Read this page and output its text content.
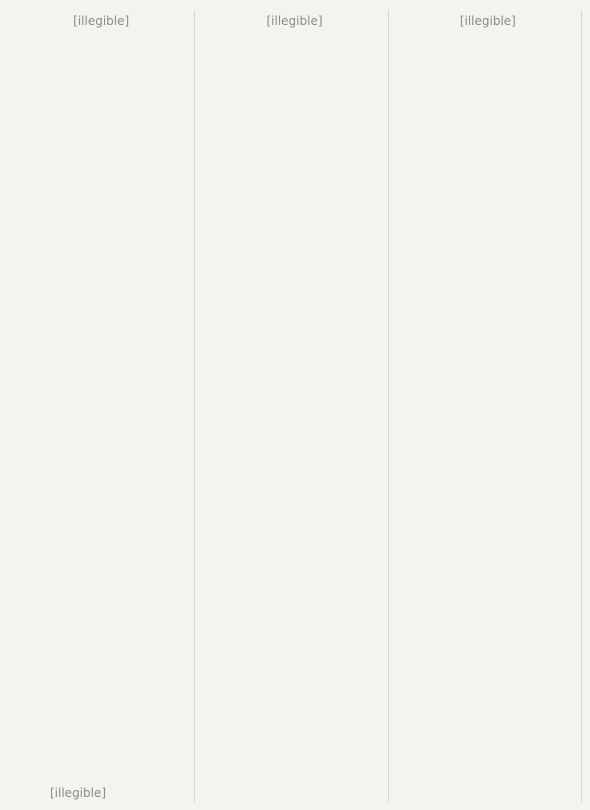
[illegible]
[illegible]
[illegible]
[illegible]
